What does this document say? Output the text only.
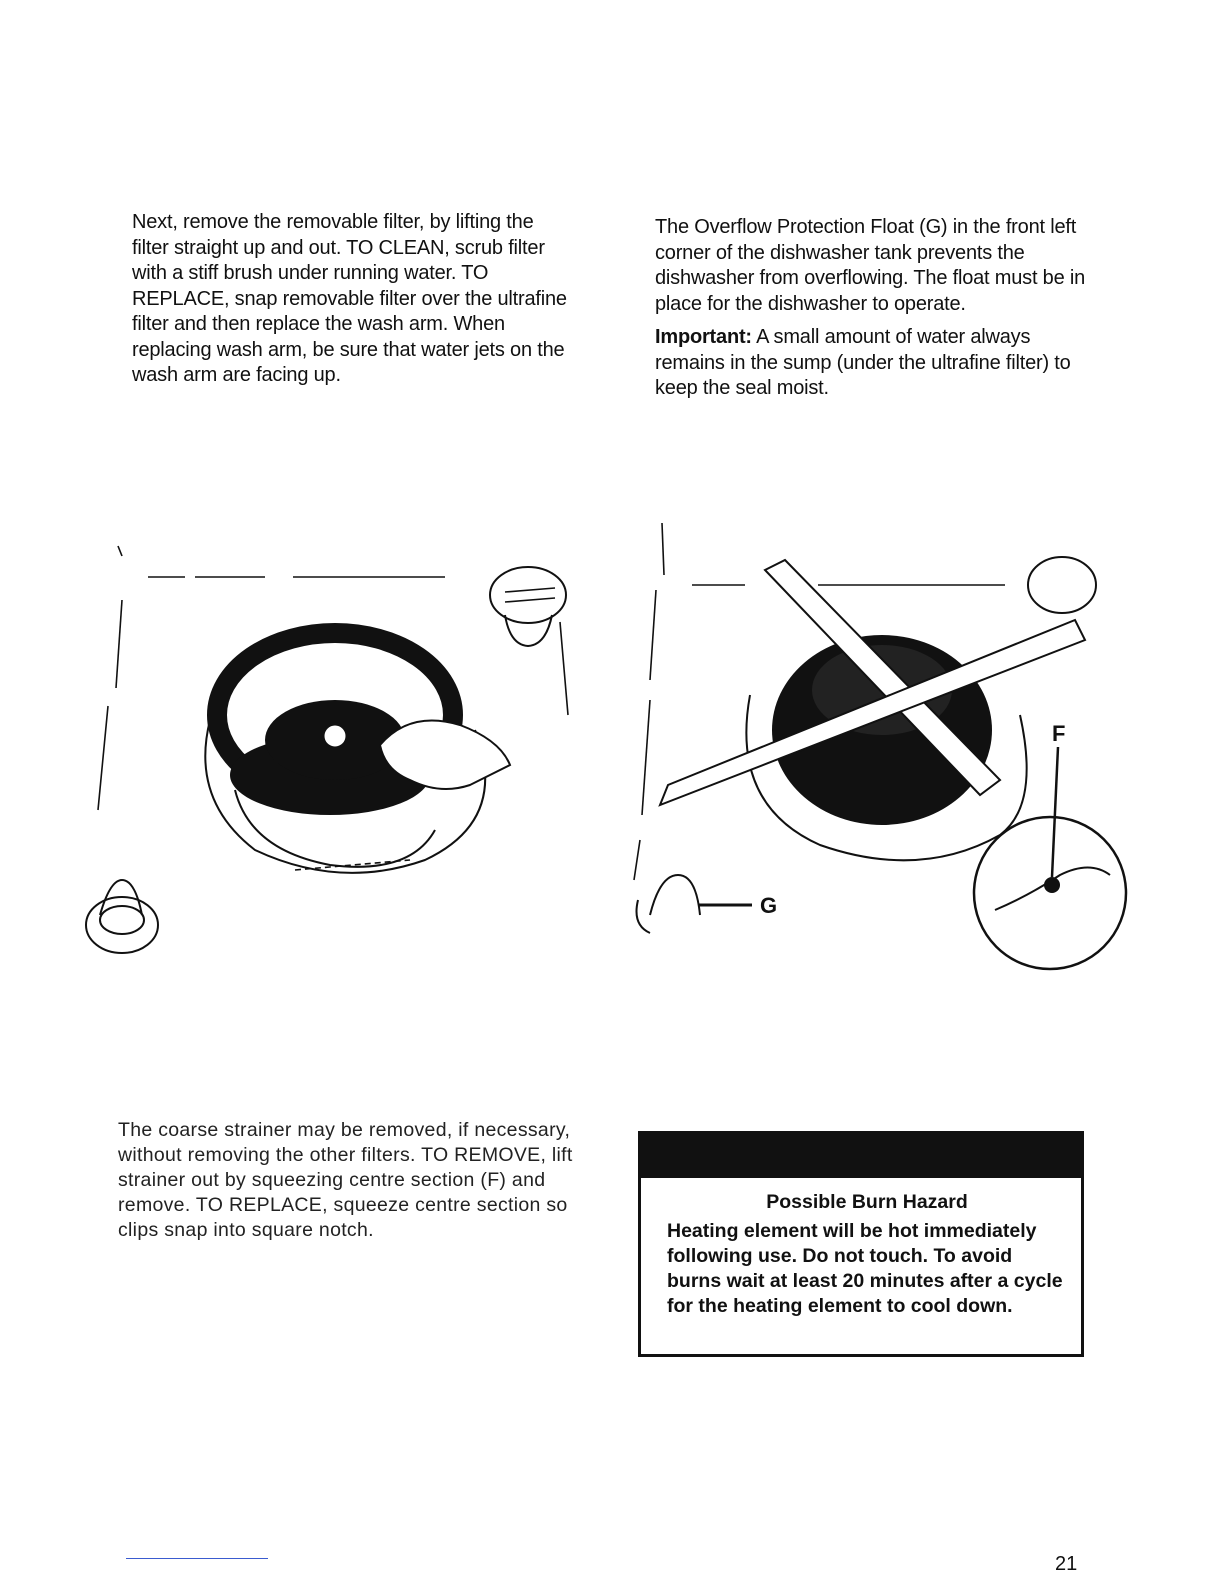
Next, remove the removable filter, by lifting the filter straight up and out. TO CLEAN, scrub filter with a stiff brush under running water. TO REPLACE, snap removable filter over the ultrafine filter and then replace the wash arm. When replacing wash arm, be sure that water jets on the wash arm are facing up.

The Overflow Protection Float (G) in the front left corner of the dishwasher tank prevents the dishwasher from overflowing. The float must be in place for the dishwasher to operate.

Important: A small amount of water always remains in the sump (under the ultrafine filter) to keep the seal moist.

F
G

The coarse strainer may be removed, if necessary, without removing the other filters. TO REMOVE, lift strainer out by squeezing centre section (F) and remove. TO REPLACE, squeeze centre section so clips snap into square notch.

Possible Burn Hazard
Heating element will be hot immediately following use. Do not touch. To avoid burns wait at least 20 minutes after a cycle for the heating element to cool down.
21
